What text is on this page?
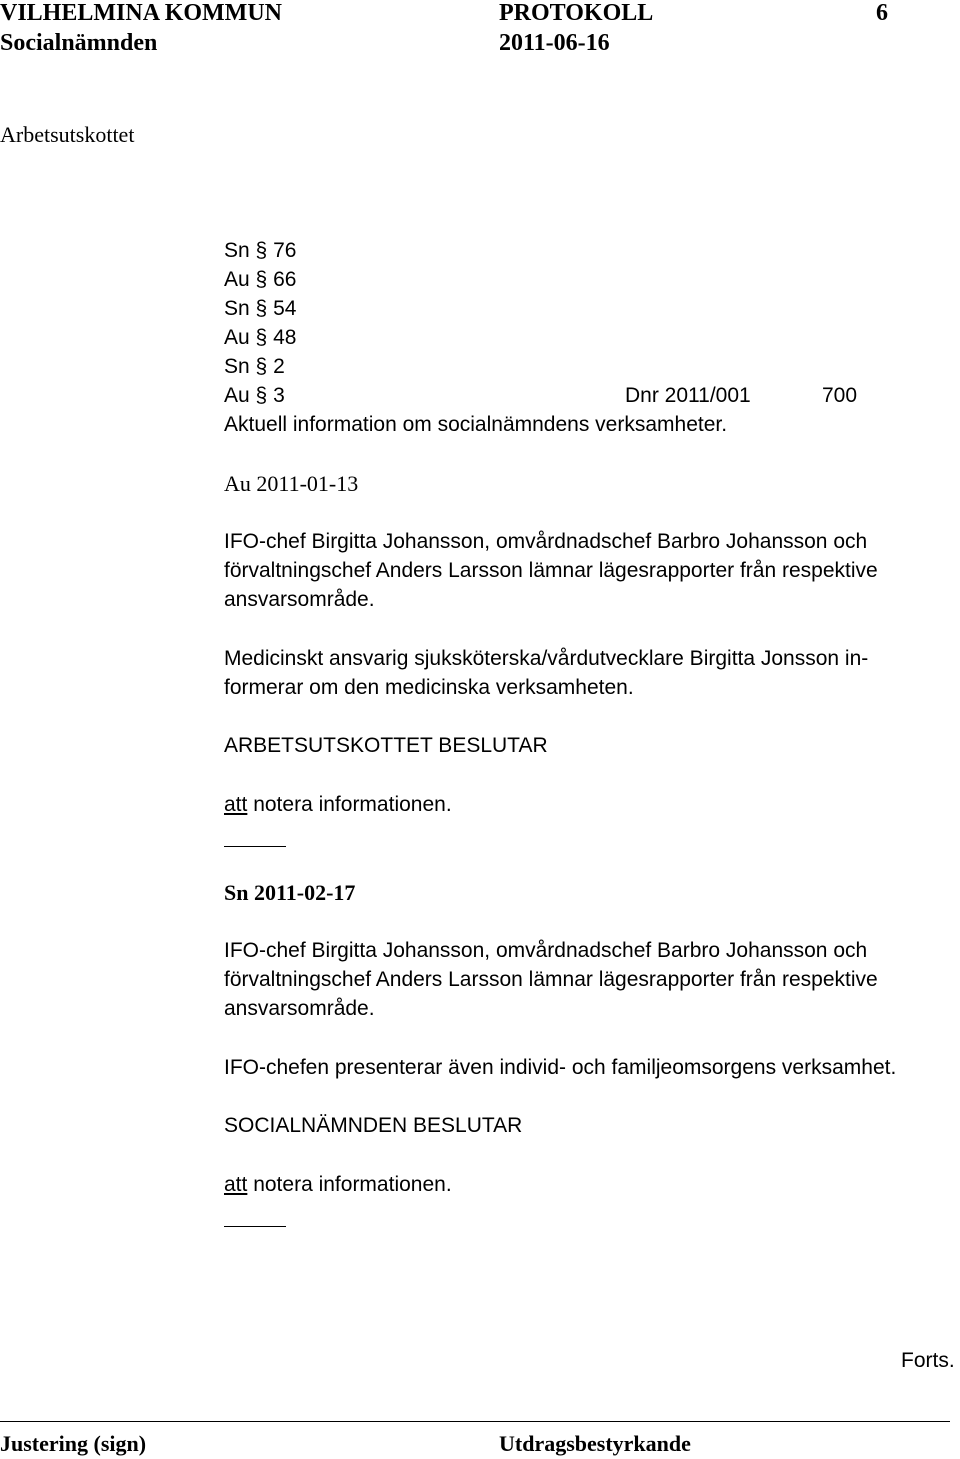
VILHELMINA KOMMUN	PROTOKOLL	6
Socialnämnden	2011-06-16
Arbetsutskottet
Sn § 76
Au § 66
Sn § 54
Au § 48
Sn § 2
Au § 3	Dnr 2011/001	700
Aktuell information om socialnämndens verksamheter.
Au 2011-01-13
IFO-chef Birgitta Johansson, omvårdnadschef Barbro Johansson och
förvaltningschef Anders Larsson lämnar lägesrapporter från respektive
ansvarsområde.
Medicinskt ansvarig sjuksköterska/vårdutvecklare Birgitta Jonsson in-
formerar om den medicinska verksamheten.
ARBETSUTSKOTTET BESLUTAR
att notera informationen.
Sn 2011-02-17
IFO-chef Birgitta Johansson, omvårdnadschef Barbro Johansson och
förvaltningschef Anders Larsson lämnar lägesrapporter från respektive
ansvarsområde.
IFO-chefen presenterar även individ- och familjeomsorgens verksamhet.
SOCIALNÄMNDEN BESLUTAR
att notera informationen.
Forts.
Justering (sign)	Utdragsbestyrkande
